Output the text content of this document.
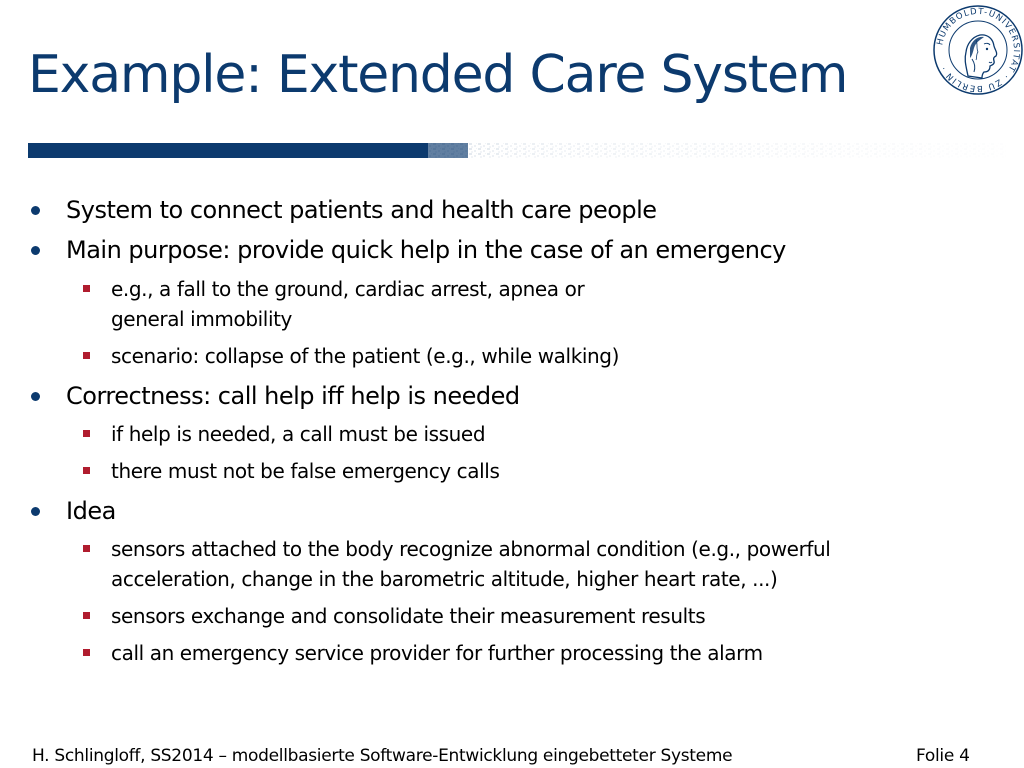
Example: Extended Care System
HUMBOLDT-UNIVERSITÄT · ZU BERLIN ·
System to connect patients and health care people
Main purpose: provide quick help in the case of an emergency
e.g., a fall to the ground, cardiac arrest, apnea or
general immobility
scenario: collapse of the patient (e.g., while walking)
Correctness: call help iff help is needed
if help is needed, a call must be issued
there must not be false emergency calls
Idea
sensors attached to the body recognize abnormal condition (e.g., powerful
acceleration, change in the barometric altitude, higher heart rate, ...)
sensors exchange and consolidate their measurement results
call an emergency service provider for further processing the alarm
H. Schlingloff, SS2014 – modellbasierte Software-Entwicklung eingebetteter Systeme	Folie 4
